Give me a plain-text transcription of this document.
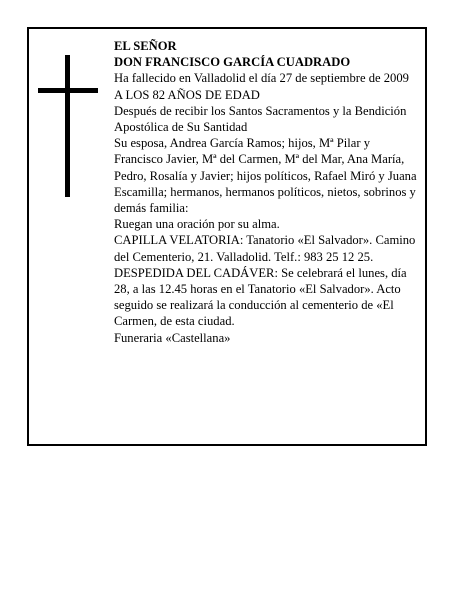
EL SEÑOR

DON FRANCISCO GARCÍA CUADRADO

Ha fallecido en Valladolid el día 27 de septiembre de 2009

A LOS 82 AÑOS DE EDAD

Después de recibir los Santos Sacramentos y la Bendición Apostólica de Su Santidad

Su esposa, Andrea García Ramos; hijos, Mª Pilar y Francisco Javier, Mª del Carmen, Mª del Mar, Ana María, Pedro, Rosalía y Javier; hijos políticos, Rafael Miró y Juana Escamilla; hermanos, hermanos políticos, nietos, sobrinos y demás familia:

Ruegan una oración por su alma.

CAPILLA VELATORIA: Tanatorio «El Salvador». Camino del Cementerio, 21. Valladolid. Telf.: 983 25 12 25.

DESPEDIDA DEL CADÁVER: Se celebrará el lunes, día 28, a las 12.45 horas en el Tanatorio «El Salvador». Acto seguido se realizará la conducción al cementerio de «El Carmen, de esta ciudad.

Funeraria «Castellana»
